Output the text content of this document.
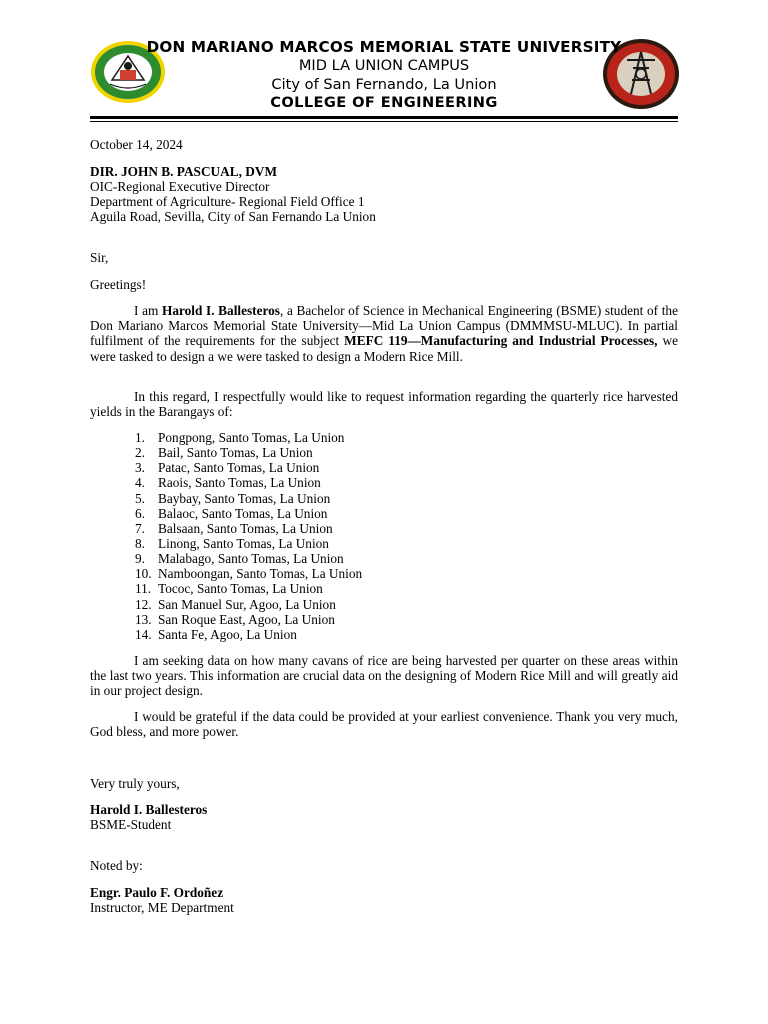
DON MARIANO MARCOS MEMORIAL STATE UNIVERSITY
MID LA UNION CAMPUS
City of San Fernando, La Union
COLLEGE OF ENGINEERING
October 14, 2024
DIR. JOHN B. PASCUAL, DVM
OIC-Regional Executive Director
Department of Agriculture- Regional Field Office 1
Aguila Road, Sevilla, City of San Fernando La Union
Sir,
Greetings!
I am Harold I. Ballesteros, a Bachelor of Science in Mechanical Engineering (BSME) student of the Don Mariano Marcos Memorial State University—Mid La Union Campus (DMMMSU-MLUC). In partial fulfilment of the requirements for the subject MEFC 119—Manufacturing and Industrial Processes, we were tasked to design a we were tasked to design a Modern Rice Mill.
In this regard, I respectfully would like to request information regarding the quarterly rice harvested yields in the Barangays of:
1. Pongpong, Santo Tomas, La Union
2. Bail, Santo Tomas, La Union
3. Patac, Santo Tomas, La Union
4. Raois, Santo Tomas, La Union
5. Baybay, Santo Tomas, La Union
6. Balaoc, Santo Tomas, La Union
7. Balsaan, Santo Tomas, La Union
8. Linong, Santo Tomas, La Union
9. Malabago, Santo Tomas, La Union
10. Namboongan, Santo Tomas, La Union
11. Tococ, Santo Tomas, La Union
12. San Manuel Sur, Agoo, La Union
13. San Roque East, Agoo, La Union
14. Santa Fe, Agoo, La Union
I am seeking data on how many cavans of rice are being harvested per quarter on these areas within the last two years. This information are crucial data on the designing of Modern Rice Mill and will greatly aid in our project design.
I would be grateful if the data could be provided at your earliest convenience. Thank you very much, God bless, and more power.
Very truly yours,
Harold I. Ballesteros
BSME-Student
Noted by:
Engr. Paulo F. Ordoñez
Instructor, ME Department
